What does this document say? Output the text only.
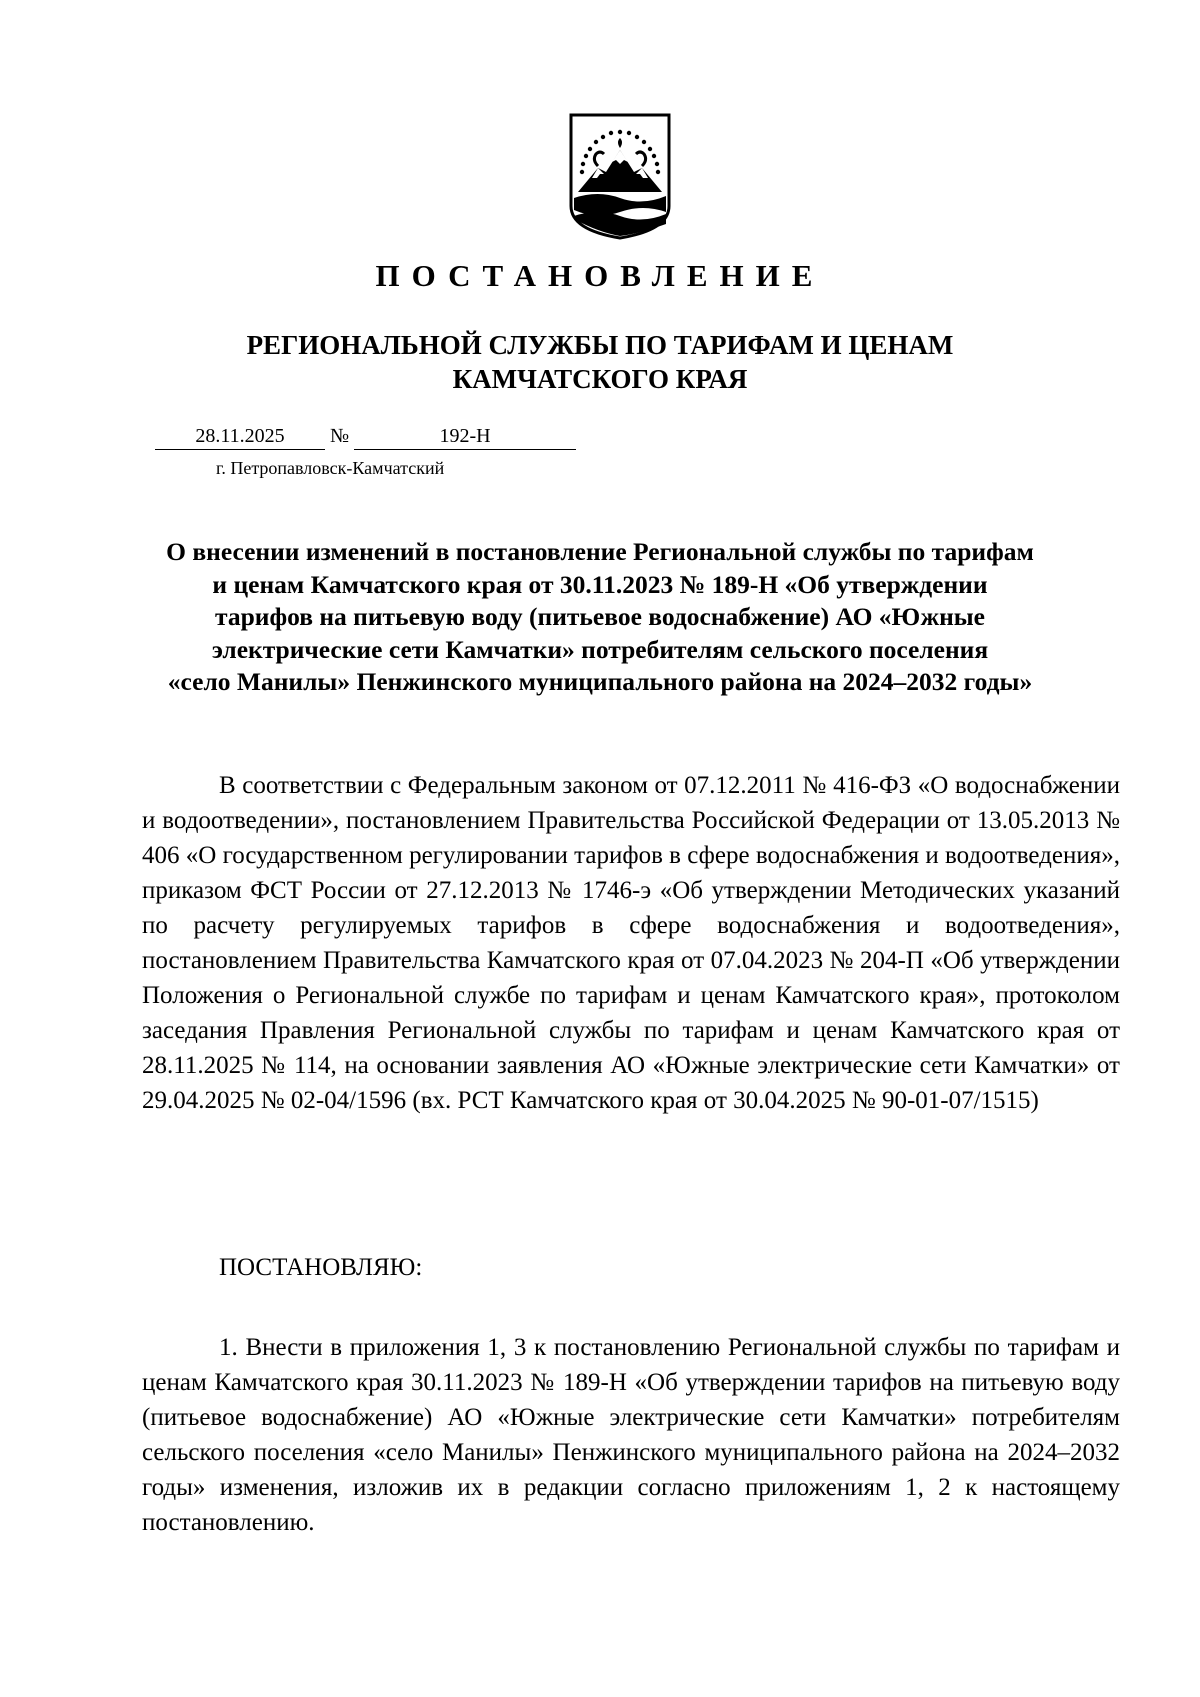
ПОСТАНОВЛЕНИЕ
РЕГИОНАЛЬНОЙ СЛУЖБЫ ПО ТАРИФАМ И ЦЕНАМ
КАМЧАТСКОГО КРАЯ
28.11.2025	№	192-Н
г. Петропавловск-Камчатский
О внесении изменений в постановление Региональной службы по тарифам
и ценам Камчатского края от 30.11.2023 № 189-Н «Об утверждении
тарифов на питьевую воду (питьевое водоснабжение) АО «Южные
электрические сети Камчатки» потребителям сельского поселения
«село Манилы» Пенжинского муниципального района на 2024–2032 годы»

В соответствии с Федеральным законом от 07.12.2011 № 416-ФЗ «О водоснабжении и водоотведении», постановлением Правительства Российской Федерации от 13.05.2013 № 406 «О государственном регулировании тарифов в сфере водоснабжения и водоотведения», приказом ФСТ России от 27.12.2013 № 1746-э «Об утверждении Методических указаний по расчету регулируемых тарифов в сфере водоснабжения и водоотведения», постановлением Правительства Камчатского края от 07.04.2023 № 204-П «Об утверждении Положения о Региональной службе по тарифам и ценам Камчатского края», протоколом заседания Правления Региональной службы по тарифам и ценам Камчатского края от 28.11.2025 № 114, на основании заявления АО «Южные электрические сети Камчатки» от 29.04.2025 № 02-04/1596 (вх. РСТ Камчатского края от 30.04.2025 № 90-01-07/1515)

ПОСТАНОВЛЯЮ:

1. Внести в приложения 1, 3 к постановлению Региональной службы по тарифам и ценам Камчатского края 30.11.2023 № 189-Н «Об утверждении тарифов на питьевую воду (питьевое водоснабжение) АО «Южные электрические сети Камчатки» потребителям сельского поселения «село Манилы» Пенжинского муниципального района на 2024–2032 годы» изменения, изложив их в редакции согласно приложениям 1, 2 к настоящему постановлению.
